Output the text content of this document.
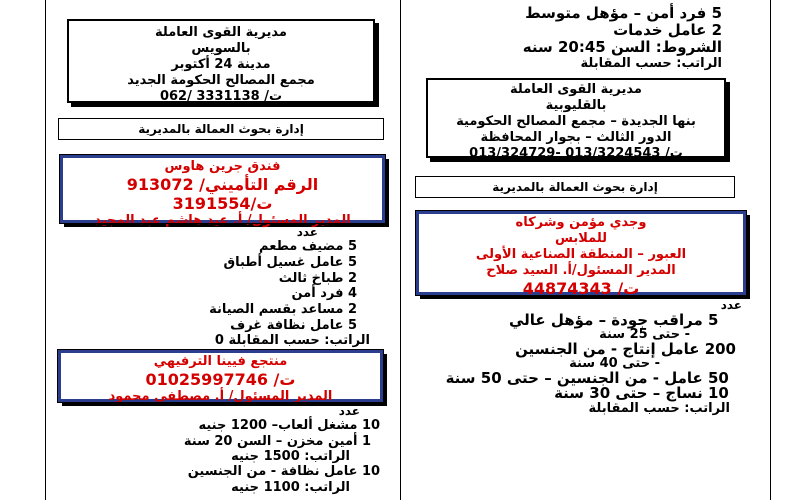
5 فرد أمن – مؤهل متوسط
2 عامل خدمات
الشروط: السن 20:45 سنه
الراتب: حسب المقابلة
مديرية القوى العاملة
بالقليوبية
بنها الجديدة – مجمع المصالح الحكومية
الدور الثالث – بجوار المحافظة
ت/ 013/3224543 -013/324729
إدارة بحوث العمالة بالمديرية
وجدي مؤمن وشركاه
للملابس
العبور – المنطقة الصناعية الأولى
المدير المسئول/أ. السيد صلاح
ت/ 44874343
عدد
5 مراقب جودة – مؤهل عالي
- حتى 25 سنة
200 عامل إنتاج - من الجنسين
- حتى 40 سنة
50 عامل - من الجنسين – حتى 50 سنة
10 نساج – حتى 30 سنة
الراتب: حسب المقابلة
مديرية القوى العاملة
بالسويس
مدينة 24 أكتوبر
مجمع المصالح الحكومة الجديد
ت/ 3331138 /062
إدارة بحوث العمالة بالمديرية
فندق جرين هاوس
الرقم التأميني/ 913072
ت/3191554
المدير المسئول/ أ. عيد هاشم عبد المجيد
عدد
5 مضيف مطعم
5 عامل غسيل أطباق
2 طباخ ثالث
4 فرد أمن
2 مساعد بقسم الصيانة
5 عامل نظافة غرف
الراتب: حسب المقابلة 0
منتجع فيينا الترفيهي
ت/ 01025997746
المدير المسئول/ أ. مصطفى محمود
عدد
10 مشغل ألعاب– 1200 جنيه
1 أمين مخزن – السن 20 سنة
الراتب: 1500 جنيه
10 عامل نظافة - من الجنسين
الراتب: 1100 جنيه
